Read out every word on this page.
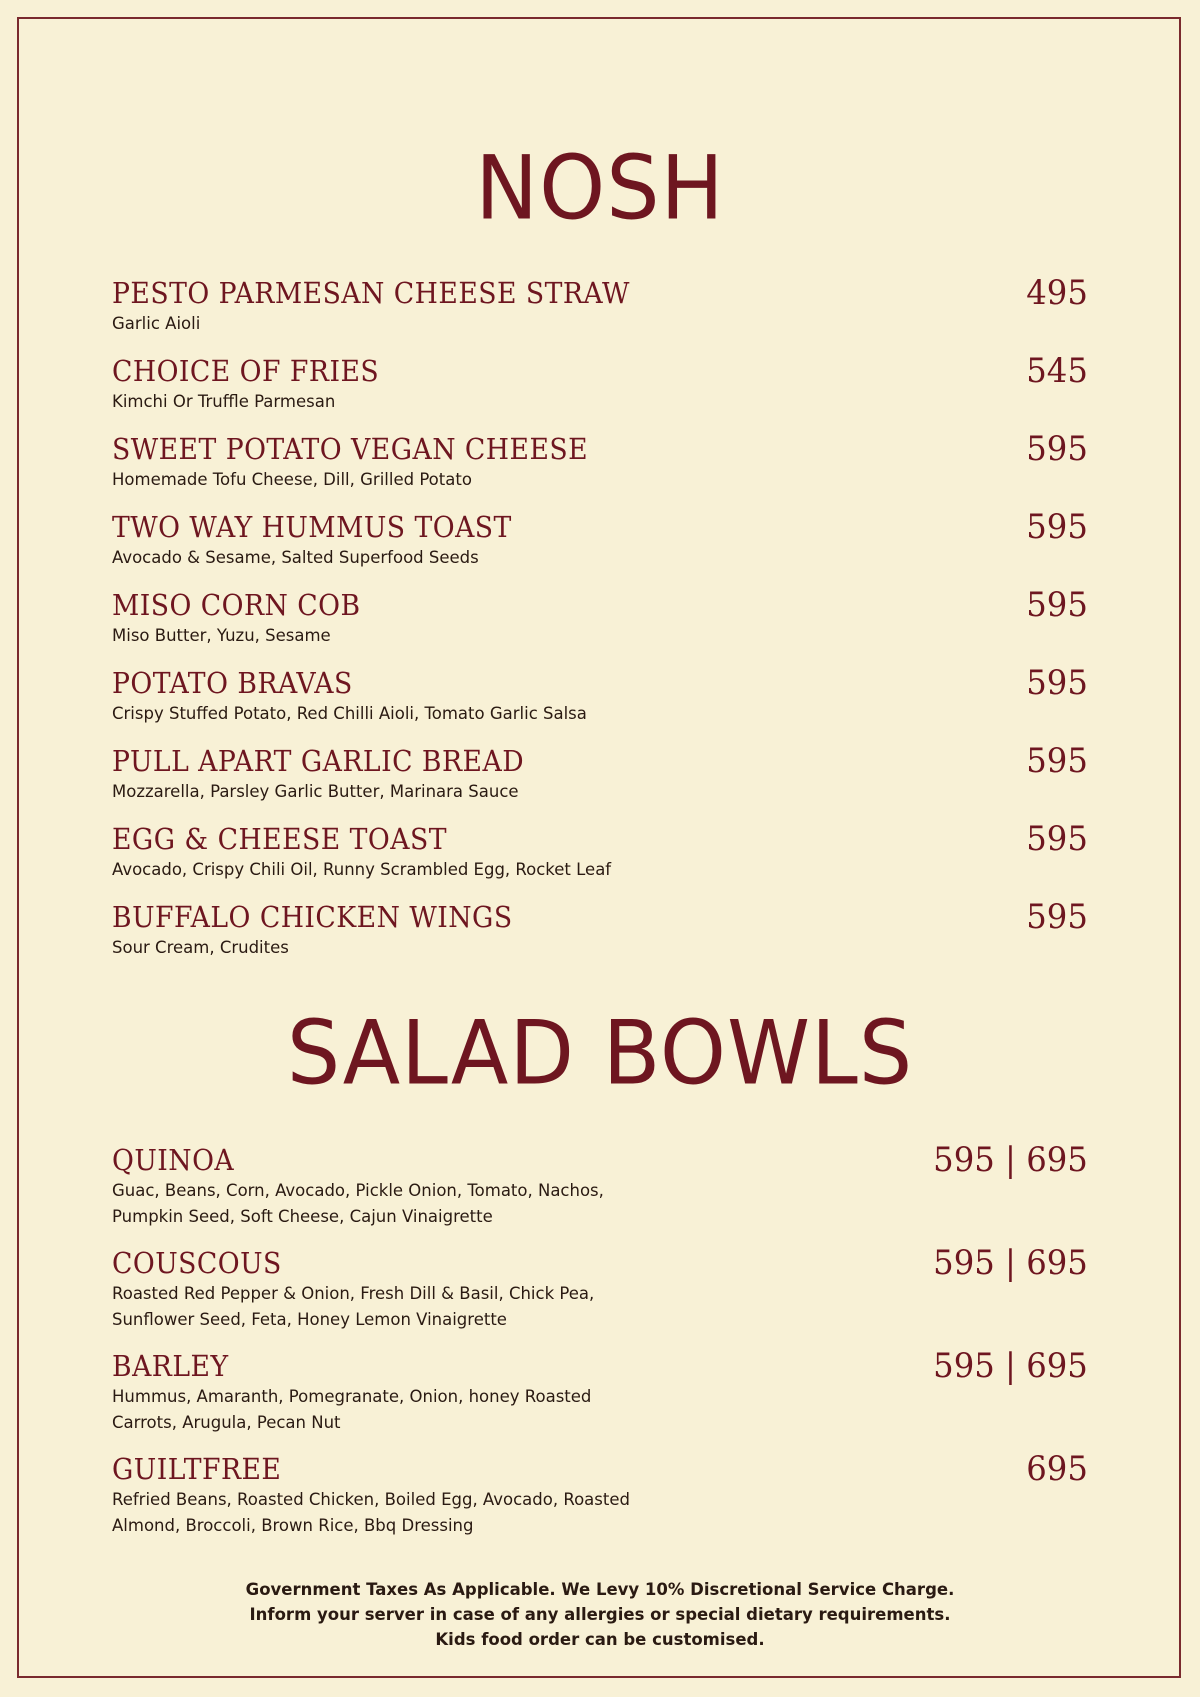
NOSH
PESTO PARMESAN CHEESE STRAW
Garlic Aioli
495
CHOICE OF FRIES
Kimchi Or Truffle Parmesan
545
SWEET POTATO VEGAN CHEESE
Homemade Tofu Cheese, Dill, Grilled Potato
595
TWO WAY HUMMUS TOAST
Avocado & Sesame, Salted Superfood Seeds
595
MISO CORN COB
Miso Butter, Yuzu, Sesame
595
POTATO BRAVAS
Crispy Stuffed Potato, Red Chilli Aioli, Tomato Garlic Salsa
595
PULL APART GARLIC BREAD
Mozzarella, Parsley Garlic Butter, Marinara Sauce
595
EGG & CHEESE TOAST
Avocado, Crispy Chili Oil, Runny Scrambled Egg, Rocket Leaf
595
BUFFALO CHICKEN WINGS
Sour Cream, Crudites
595
SALAD BOWLS
QUINOA
Guac, Beans, Corn, Avocado, Pickle Onion, Tomato, Nachos,
Pumpkin Seed, Soft Cheese, Cajun Vinaigrette
595 | 695
COUSCOUS
Roasted Red Pepper & Onion, Fresh Dill & Basil, Chick Pea,
Sunflower Seed, Feta, Honey Lemon Vinaigrette
595 | 695
BARLEY
Hummus, Amaranth, Pomegranate, Onion, honey Roasted
Carrots, Arugula, Pecan Nut
595 | 695
GUILTFREE
Refried Beans, Roasted Chicken, Boiled Egg, Avocado, Roasted
Almond, Broccoli, Brown Rice, Bbq Dressing
695
Government Taxes As Applicable. We Levy 10% Discretional Service Charge.
Inform your server in case of any allergies or special dietary requirements.
Kids food order can be customised.
